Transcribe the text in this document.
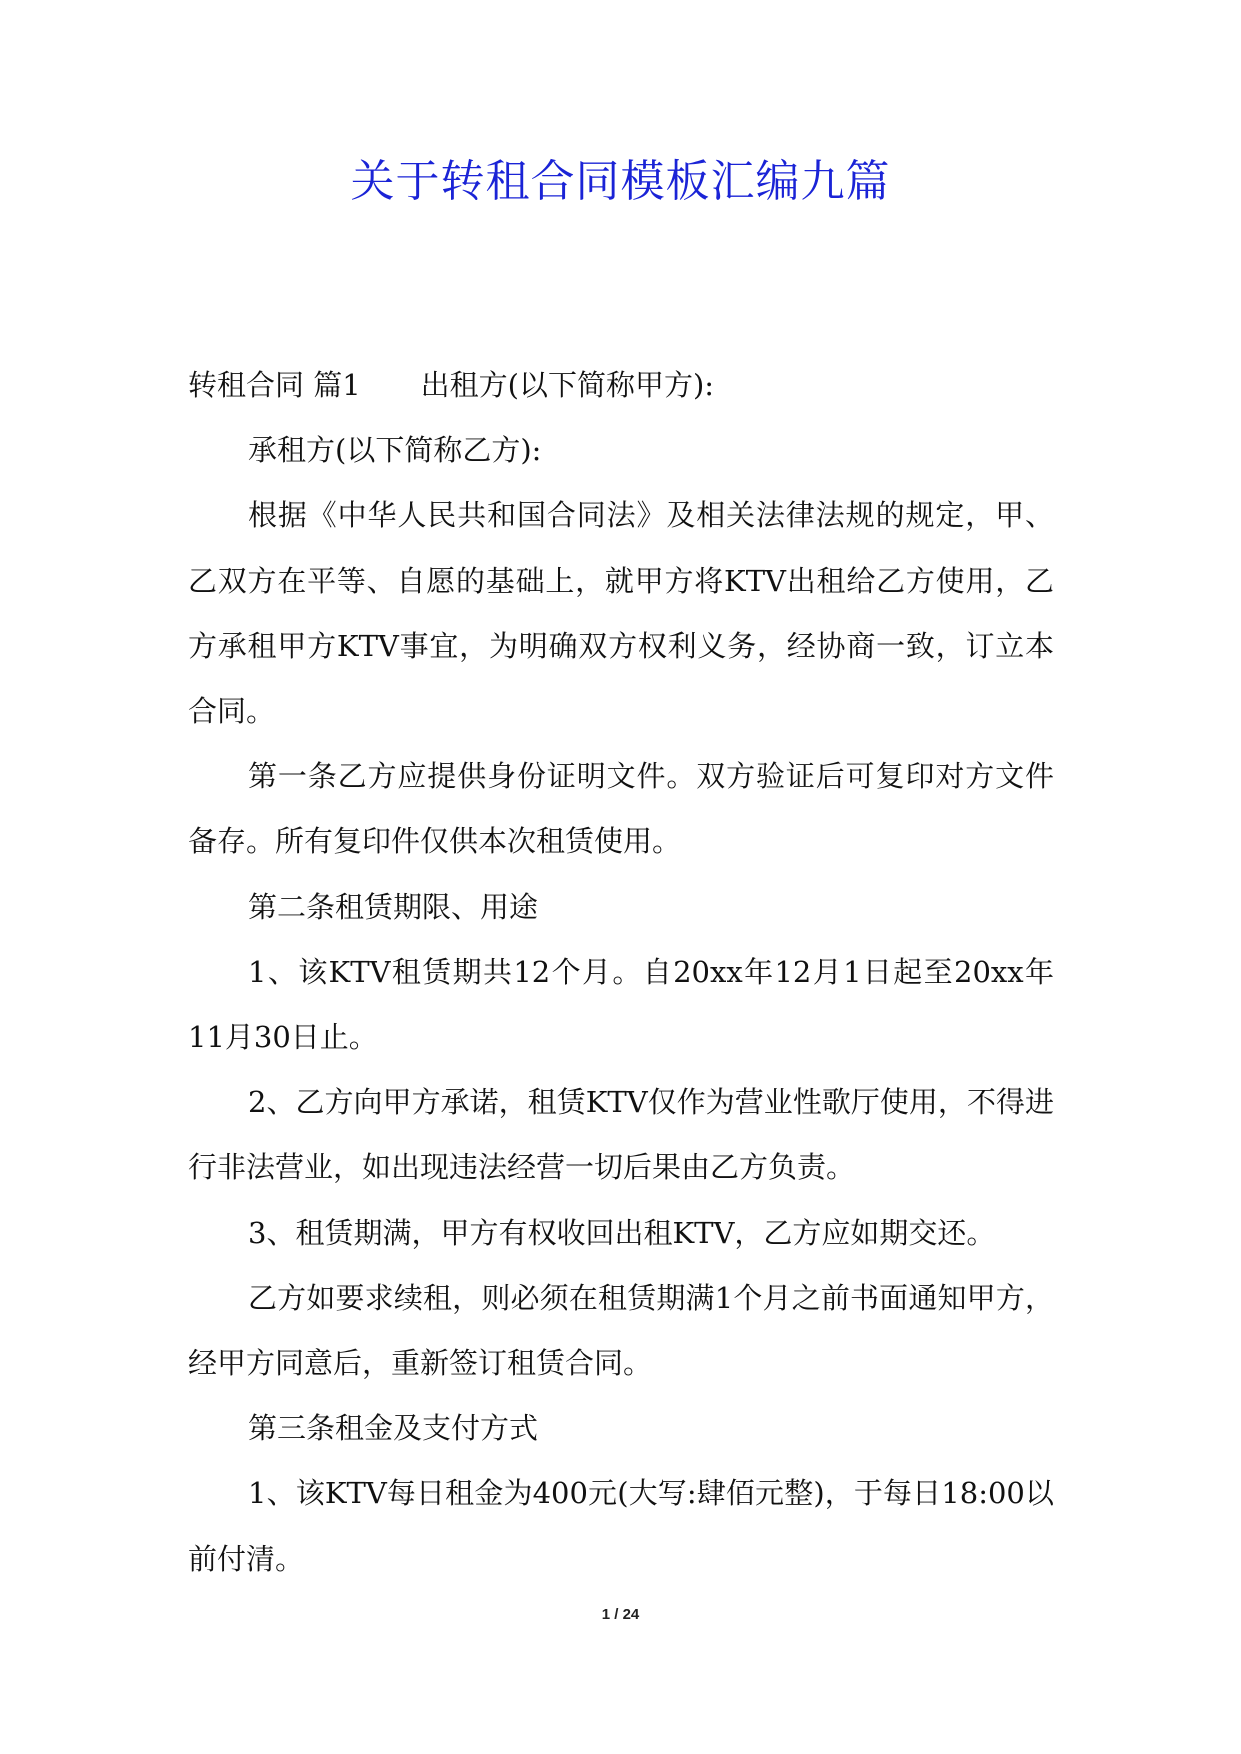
关于转租合同模板汇编九篇

转租合同 篇1 出租方(以下简称甲方):

承租方(以下简称乙方):

根据《中华人民共和国合同法》及相关法律法规的规定，甲、乙双方在平等、自愿的基础上，就甲方将KTV出租给乙方使用，乙方承租甲方KTV事宜，为明确双方权利义务，经协商一致，订立本合同。

第一条乙方应提供身份证明文件。双方验证后可复印对方文件备存。所有复印件仅供本次租赁使用。

第二条租赁期限、用途

1、该KTV租赁期共12个月。自20xx年12月1日起至20xx年11月30日止。

2、乙方向甲方承诺，租赁KTV仅作为营业性歌厅使用，不得进行非法营业，如出现违法经营一切后果由乙方负责。

3、租赁期满，甲方有权收回出租KTV，乙方应如期交还。

乙方如要求续租，则必须在租赁期满1个月之前书面通知甲方，经甲方同意后，重新签订租赁合同。

第三条租金及支付方式

1、该KTV每日租金为400元(大写:肆佰元整)，于每日18:00以前付清。

1 / 24
